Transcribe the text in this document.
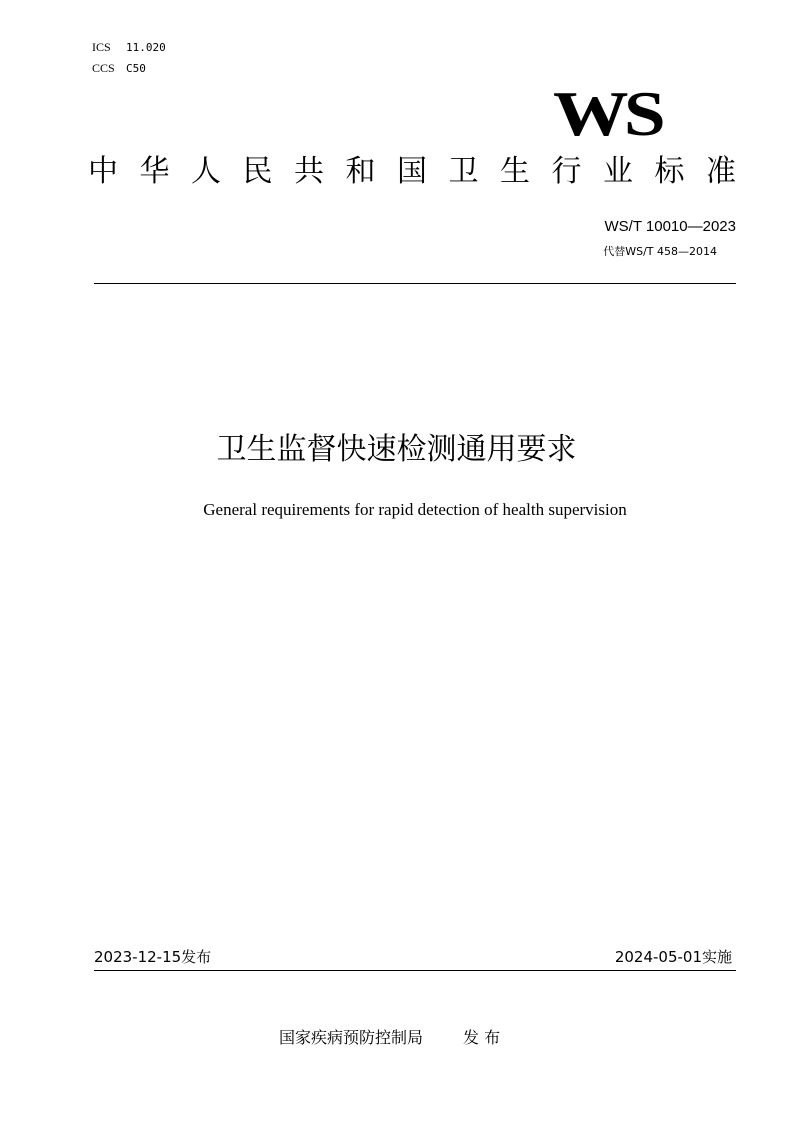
ICS 11.020
CCS C50
WS
中 华 人 民 共 和 国 卫 生 行 业 标 准
WS/T 10010—2023
代替WS/T 458—2014
卫生监督快速检测通用要求
General requirements for rapid detection of health supervision
2023-12-15发布	2024-05-01实施
国家疾病预防控制局	发 布
